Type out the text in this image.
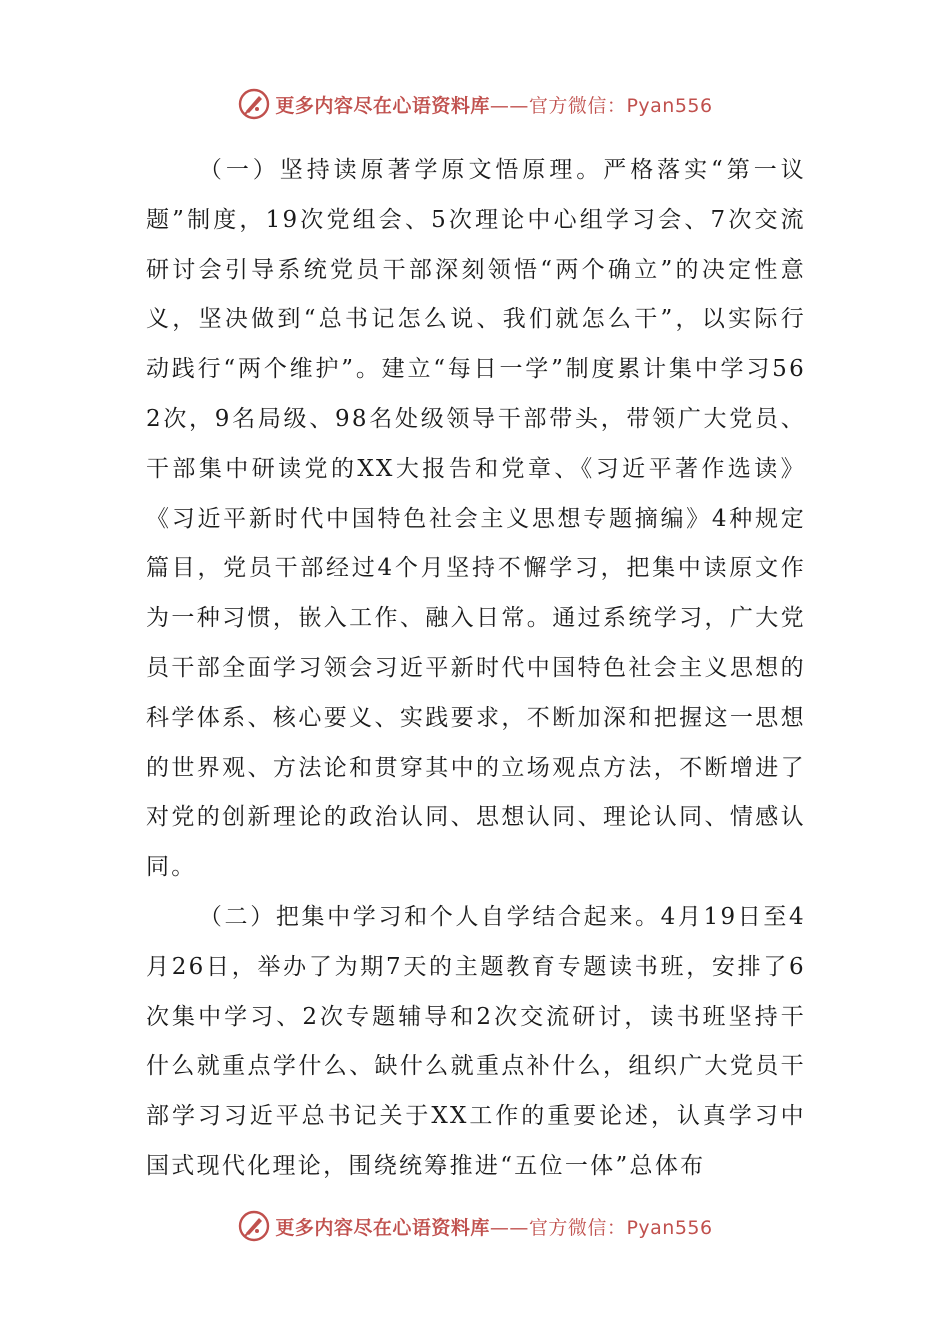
更多内容尽在心语资料库——官方微信：Pyan556

（一）坚持读原著学原文悟原理。严格落实“第一议题”制度，19次党组会、5次理论中心组学习会、7次交流研讨会引导系统党员干部深刻领悟“两个确立”的决定性意义，坚决做到“总书记怎么说、我们就怎么干”，以实际行动践行“两个维护”。建立“每日一学”制度累计集中学习562次，9名局级、98名处级领导干部带头，带领广大党员、干部集中研读党的XX大报告和党章、《习近平著作选读》《习近平新时代中国特色社会主义思想专题摘编》4种规定篇目，党员干部经过4个月坚持不懈学习，把集中读原文作为一种习惯，嵌入工作、融入日常。通过系统学习，广大党员干部全面学习领会习近平新时代中国特色社会主义思想的科学体系、核心要义、实践要求，不断加深和把握这一思想的世界观、方法论和贯穿其中的立场观点方法，不断增进了对党的创新理论的政治认同、思想认同、理论认同、情感认同。

（二）把集中学习和个人自学结合起来。4月19日至4月26日，举办了为期7天的主题教育专题读书班，安排了6次集中学习、2次专题辅导和2次交流研讨，读书班坚持干什么就重点学什么、缺什么就重点补什么，组织广大党员干部学习习近平总书记关于XX工作的重要论述，认真学习中国式现代化理论，围绕统筹推进“五位一体”总体布

更多内容尽在心语资料库——官方微信：Pyan556
